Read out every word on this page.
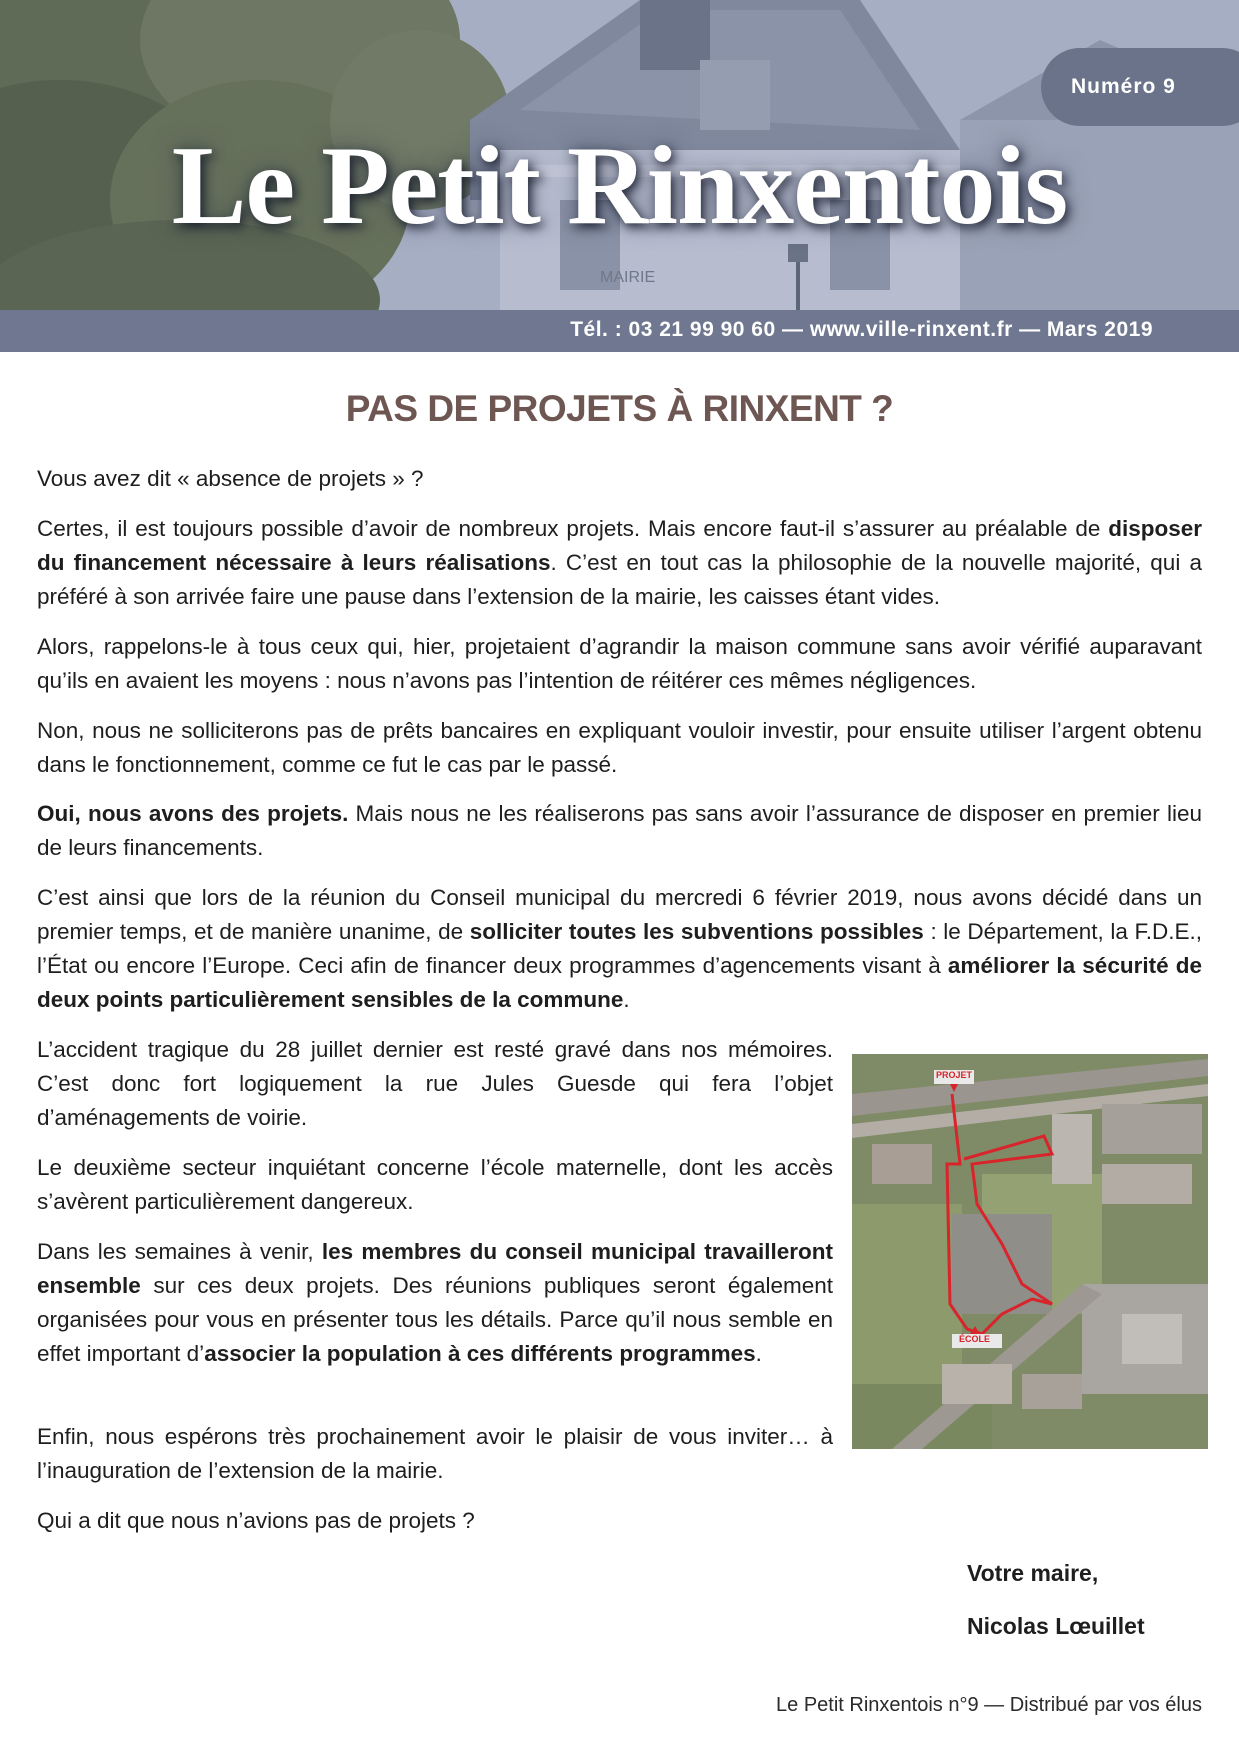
MAIRIE
Numéro 9
Le Petit Rinxentois
Tél. : 03 21 99 90 60 — www.ville-rinxent.fr — Mars 2019
PAS DE PROJETS À RINXENT ?

Vous avez dit « absence de projets » ?

Certes, il est toujours possible d’avoir de nombreux projets. Mais encore faut-il s’assurer au préalable de disposer du financement nécessaire à leurs réalisations. C’est en tout cas la philosophie de la nouvelle majorité, qui a préféré à son arrivée faire une pause dans l’extension de la mairie, les caisses étant vides.

Alors, rappelons-le à tous ceux qui, hier, projetaient d’agrandir la maison commune sans avoir vérifié auparavant qu’ils en avaient les moyens : nous n’avons pas l’intention de réitérer ces mêmes négligences.

Non, nous ne solliciterons pas de prêts bancaires en expliquant vouloir investir, pour ensuite utiliser l’argent obtenu dans le fonctionnement, comme ce fut le cas par le passé.

Oui, nous avons des projets. Mais nous ne les réaliserons pas sans avoir l’assurance de disposer en premier lieu de leurs financements.

C’est ainsi que lors de la réunion du Conseil municipal du mercredi 6 février 2019, nous avons décidé dans un premier temps, et de manière unanime, de solliciter toutes les subventions possibles : le Département, la F.D.E., l’État ou encore l’Europe. Ceci afin de financer deux programmes d’agencements visant à améliorer la sécurité de deux points particulièrement sensibles de la commune.

L’accident tragique du 28 juillet dernier est resté gravé dans nos mémoires. C’est donc fort logiquement la rue Jules Guesde qui fera l’objet d’aménagements de voirie.

Le deuxième secteur inquiétant concerne l’école maternelle, dont les accès s’avèrent particulièrement dangereux.

Dans les semaines à venir, les membres du conseil municipal travailleront ensemble sur ces deux projets. Des réunions publiques seront également organisées pour vous en présenter tous les détails. Parce qu’il nous semble en effet important d’associer la population à ces différents programmes.

Enfin, nous espérons très prochainement avoir le plaisir de vous inviter… à l’inauguration de l’extension de la mairie.

Qui a dit que nous n’avions pas de projets ?

PROJET
ÉCOLE
Votre maire,
Nicolas Lœuillet
Le Petit Rinxentois n°9 — Distribué par vos élus
